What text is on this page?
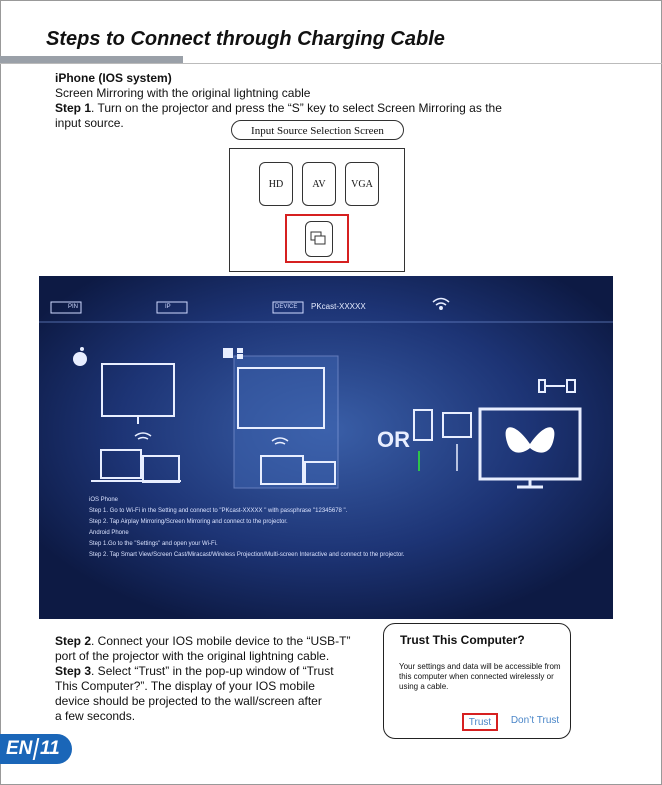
Steps to Connect through Charging Cable
iPhone (IOS system)
Screen Mirroring with the original lightning cable
Step 1. Turn on the projector and press the “S” key to select Screen Mirroring as the
input source.
Input Source Selection Screen
HD	AV	VGA
OR
PIN	IP	DEVICE PKcast-XXXXX
iOS Phone
Step 1. Go to Wi-Fi in the Setting and connect to "PKcast-XXXXX " with passphrase "12345678 ".
Step 2. Tap Airplay Mirroring/Screen Mirroring and connect to the projector.
Android Phone
Step 1.Go to the "Settings" and open your Wi-Fi.
Step 2. Tap Smart View/Screen Cast/Miracast/Wireless Projection/Multi-screen Interactive and connect to the projector.
Step 2. Connect your IOS mobile device to the “USB-T”
port of the projector with the original lightning cable.
Step 3. Select “Trust” in the pop-up window of “Trust
This Computer?”. The display of your IOS mobile
device should be projected to the wall/screen after
a few seconds.
Trust This Computer?
Your settings and data will be accessible from this computer when connected wirelessly or using a cable.
Trust	Don’t Trust
EN 11
